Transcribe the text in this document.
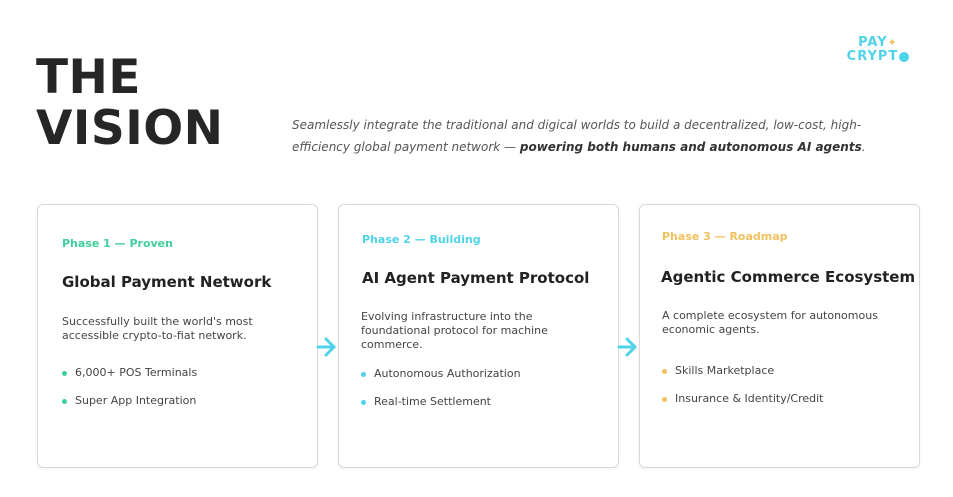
THE
VISION	Seamlessly integrate the traditional and digical worlds to build a decentralized, low-cost, high-efficiency global payment network — powering both humans and autonomous AI agents.

PAY✦
CRYPT
Phase 1 — Proven
Global Payment Network

Successfully built the world's most accessible crypto-to-fiat network.

6,000+ POS Terminals
Super App Integration
Phase 2 — Building
AI Agent Payment Protocol

Evolving infrastructure into the foundational protocol for machine commerce.

Autonomous Authorization
Real-time Settlement
Phase 3 — Roadmap
Agentic Commerce Ecosystem

A complete ecosystem for autonomous economic agents.

Skills Marketplace
Insurance & Identity/Credit
